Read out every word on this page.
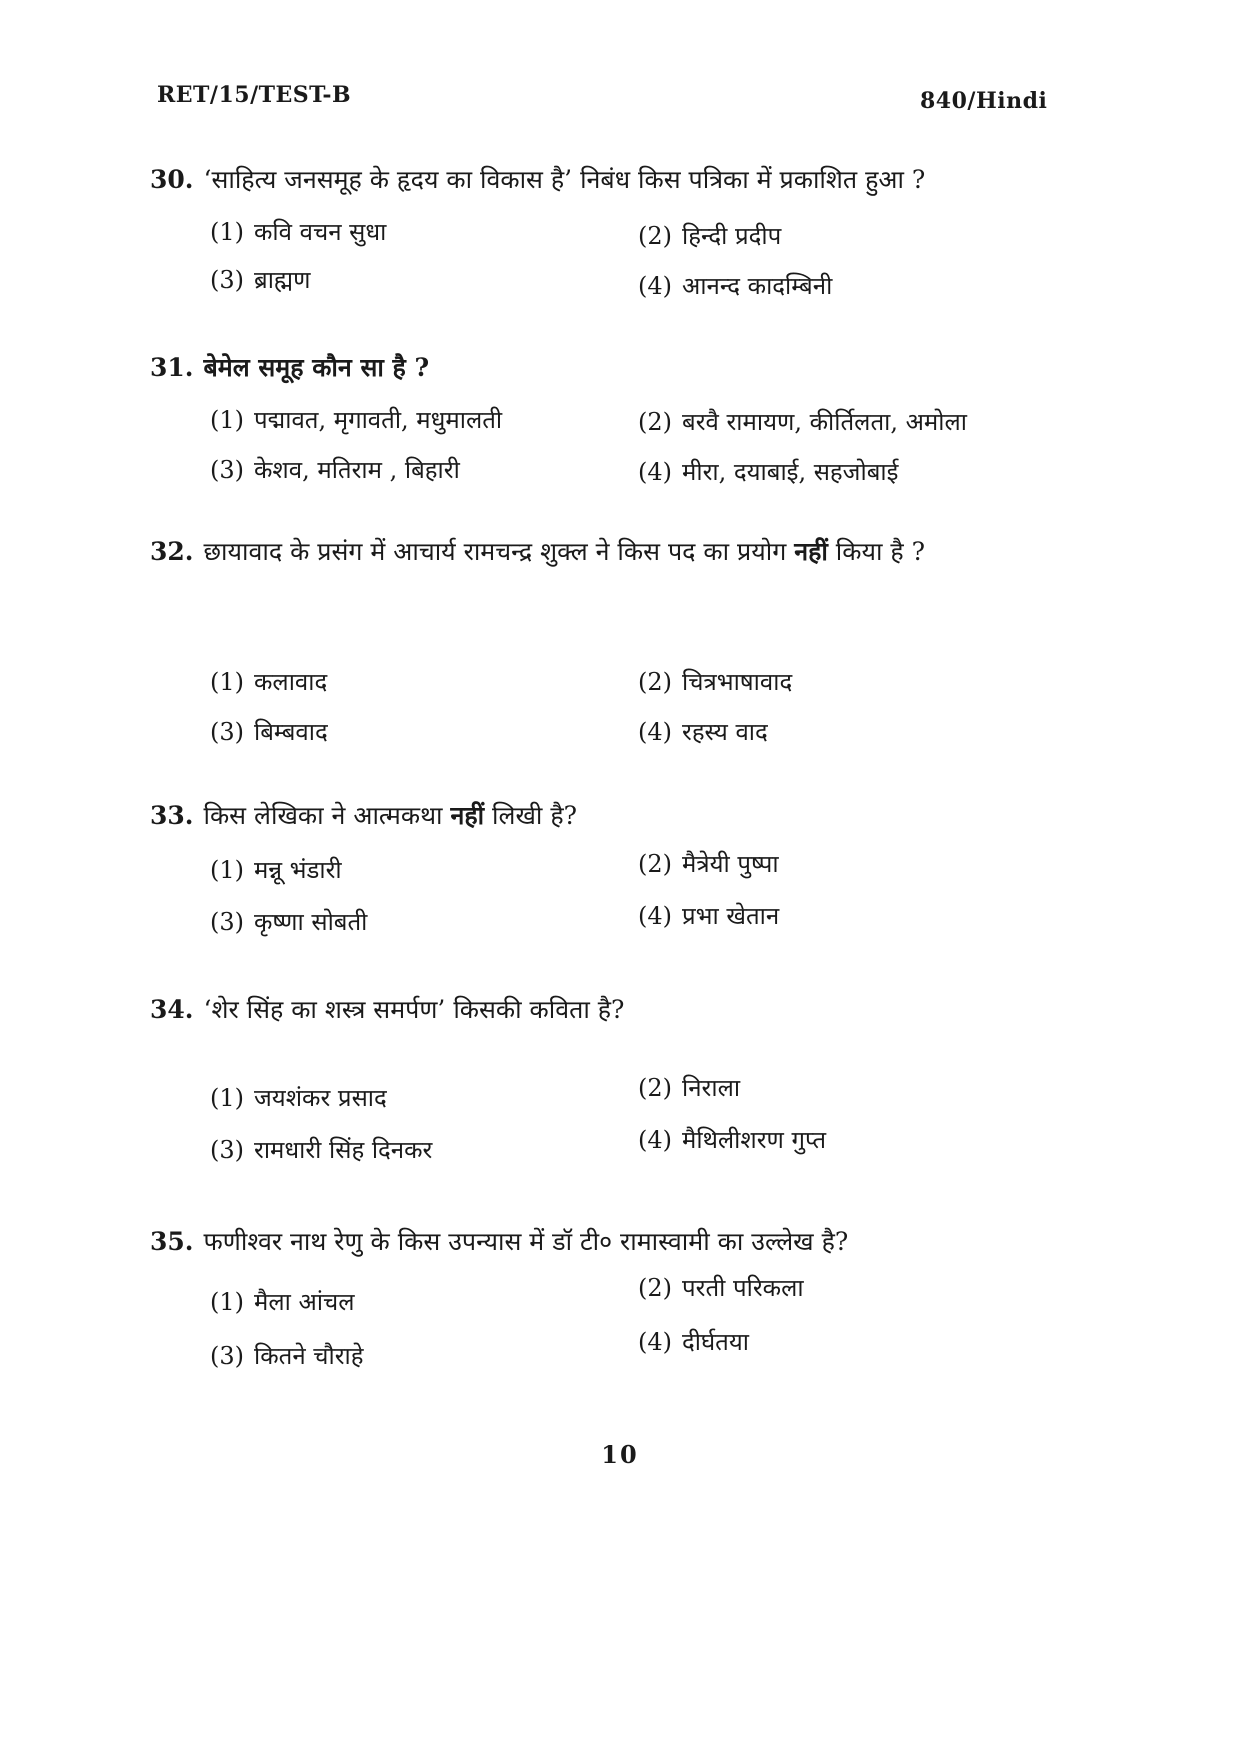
RET/15/TEST-B	840/Hindi
30. ‘साहित्य जनसमूह के हृदय का विकास है’ निबंध किस पत्रिका में प्रकाशित हुआ ?
(1) कवि वचन सुधा	(2) हिन्दी प्रदीप
(3) ब्राह्मण	(4) आनन्द कादम्बिनी
31. बेमेल समूह कौन सा है ?
(1) पद्मावत, मृगावती, मधुमालती	(2) बरवै रामायण, कीर्तिलता, अमोला
(3) केशव, मतिराम , बिहारी	(4) मीरा, दयाबाई, सहजोबाई
32. छायावाद के प्रसंग में आचार्य रामचन्द्र शुक्ल ने किस पद का प्रयोग नहीं किया है ?
(1) कलावाद	(2) चित्रभाषावाद
(3) बिम्बवाद	(4) रहस्य वाद
33. किस लेखिका ने आत्मकथा नहीं लिखी है?
(1) मन्नू भंडारी	(2) मैत्रेयी पुष्पा
(3) कृष्णा सोबती	(4) प्रभा खेतान
34. ‘शेर सिंह का शस्त्र समर्पण’ किसकी कविता है?
(1) जयशंकर प्रसाद	(2) निराला
(3) रामधारी सिंह दिनकर	(4) मैथिलीशरण गुप्त
35. फणीश्वर नाथ रेणु के किस उपन्यास में डॉ टी० रामास्वामी का उल्लेख है?
(1) मैला आंचल	(2) परती परिकला
(3) कितने चौराहे	(4) दीर्घतया
10
